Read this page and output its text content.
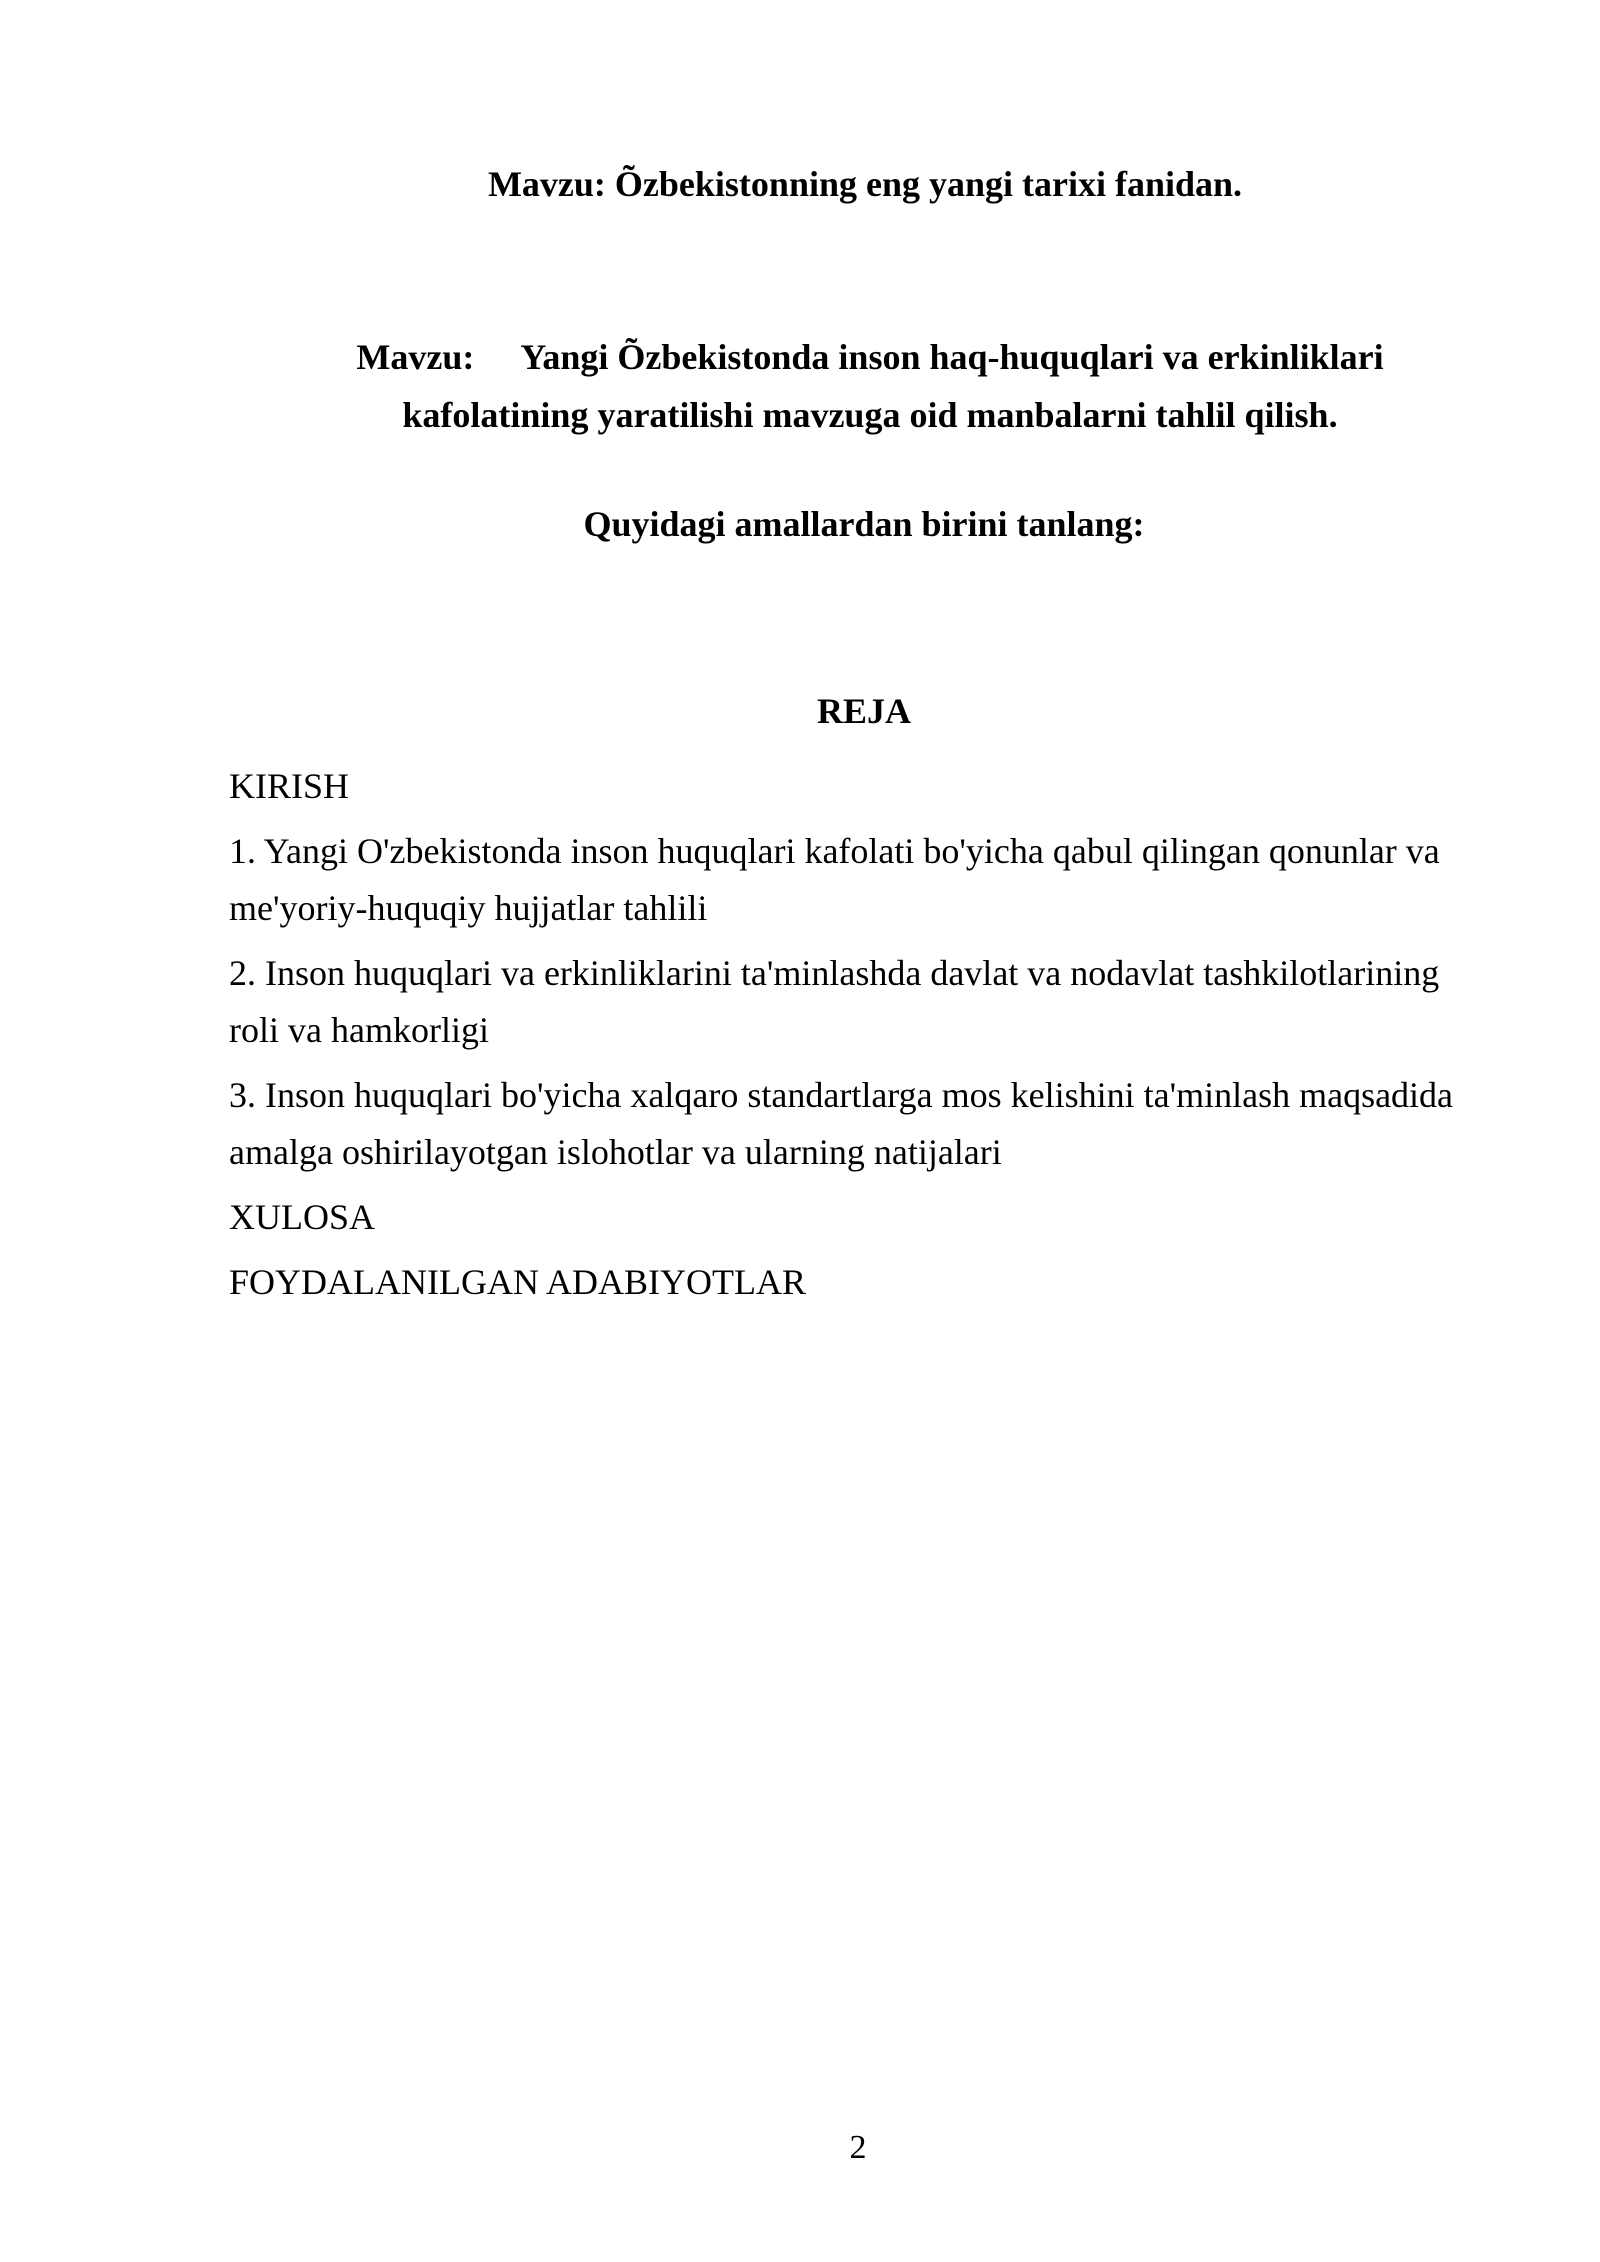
Mavzu: Õzbekistonning eng yangi tarixi fanidan.
Mavzu: Yangi Õzbekistonda inson haq-huquqlari va erkinliklari kafolatining yaratilishi mavzuga oid manbalarni tahlil qilish.
Quyidagi amallardan birini tanlang:
REJA
KIRISH
1. Yangi O'zbekistonda inson huquqlari kafolati bo'yicha qabul qilingan qonunlar va me'yoriy-huquqiy hujjatlar tahlili
2. Inson huquqlari va erkinliklarini ta'minlashda davlat va nodavlat tashkilotlarining roli va hamkorligi
3. Inson huquqlari bo'yicha xalqaro standartlarga mos kelishini ta'minlash maqsadida amalga oshirilayotgan islohotlar va ularning natijalari
XULOSA
FOYDALANILGAN ADABIYOTLAR
2
